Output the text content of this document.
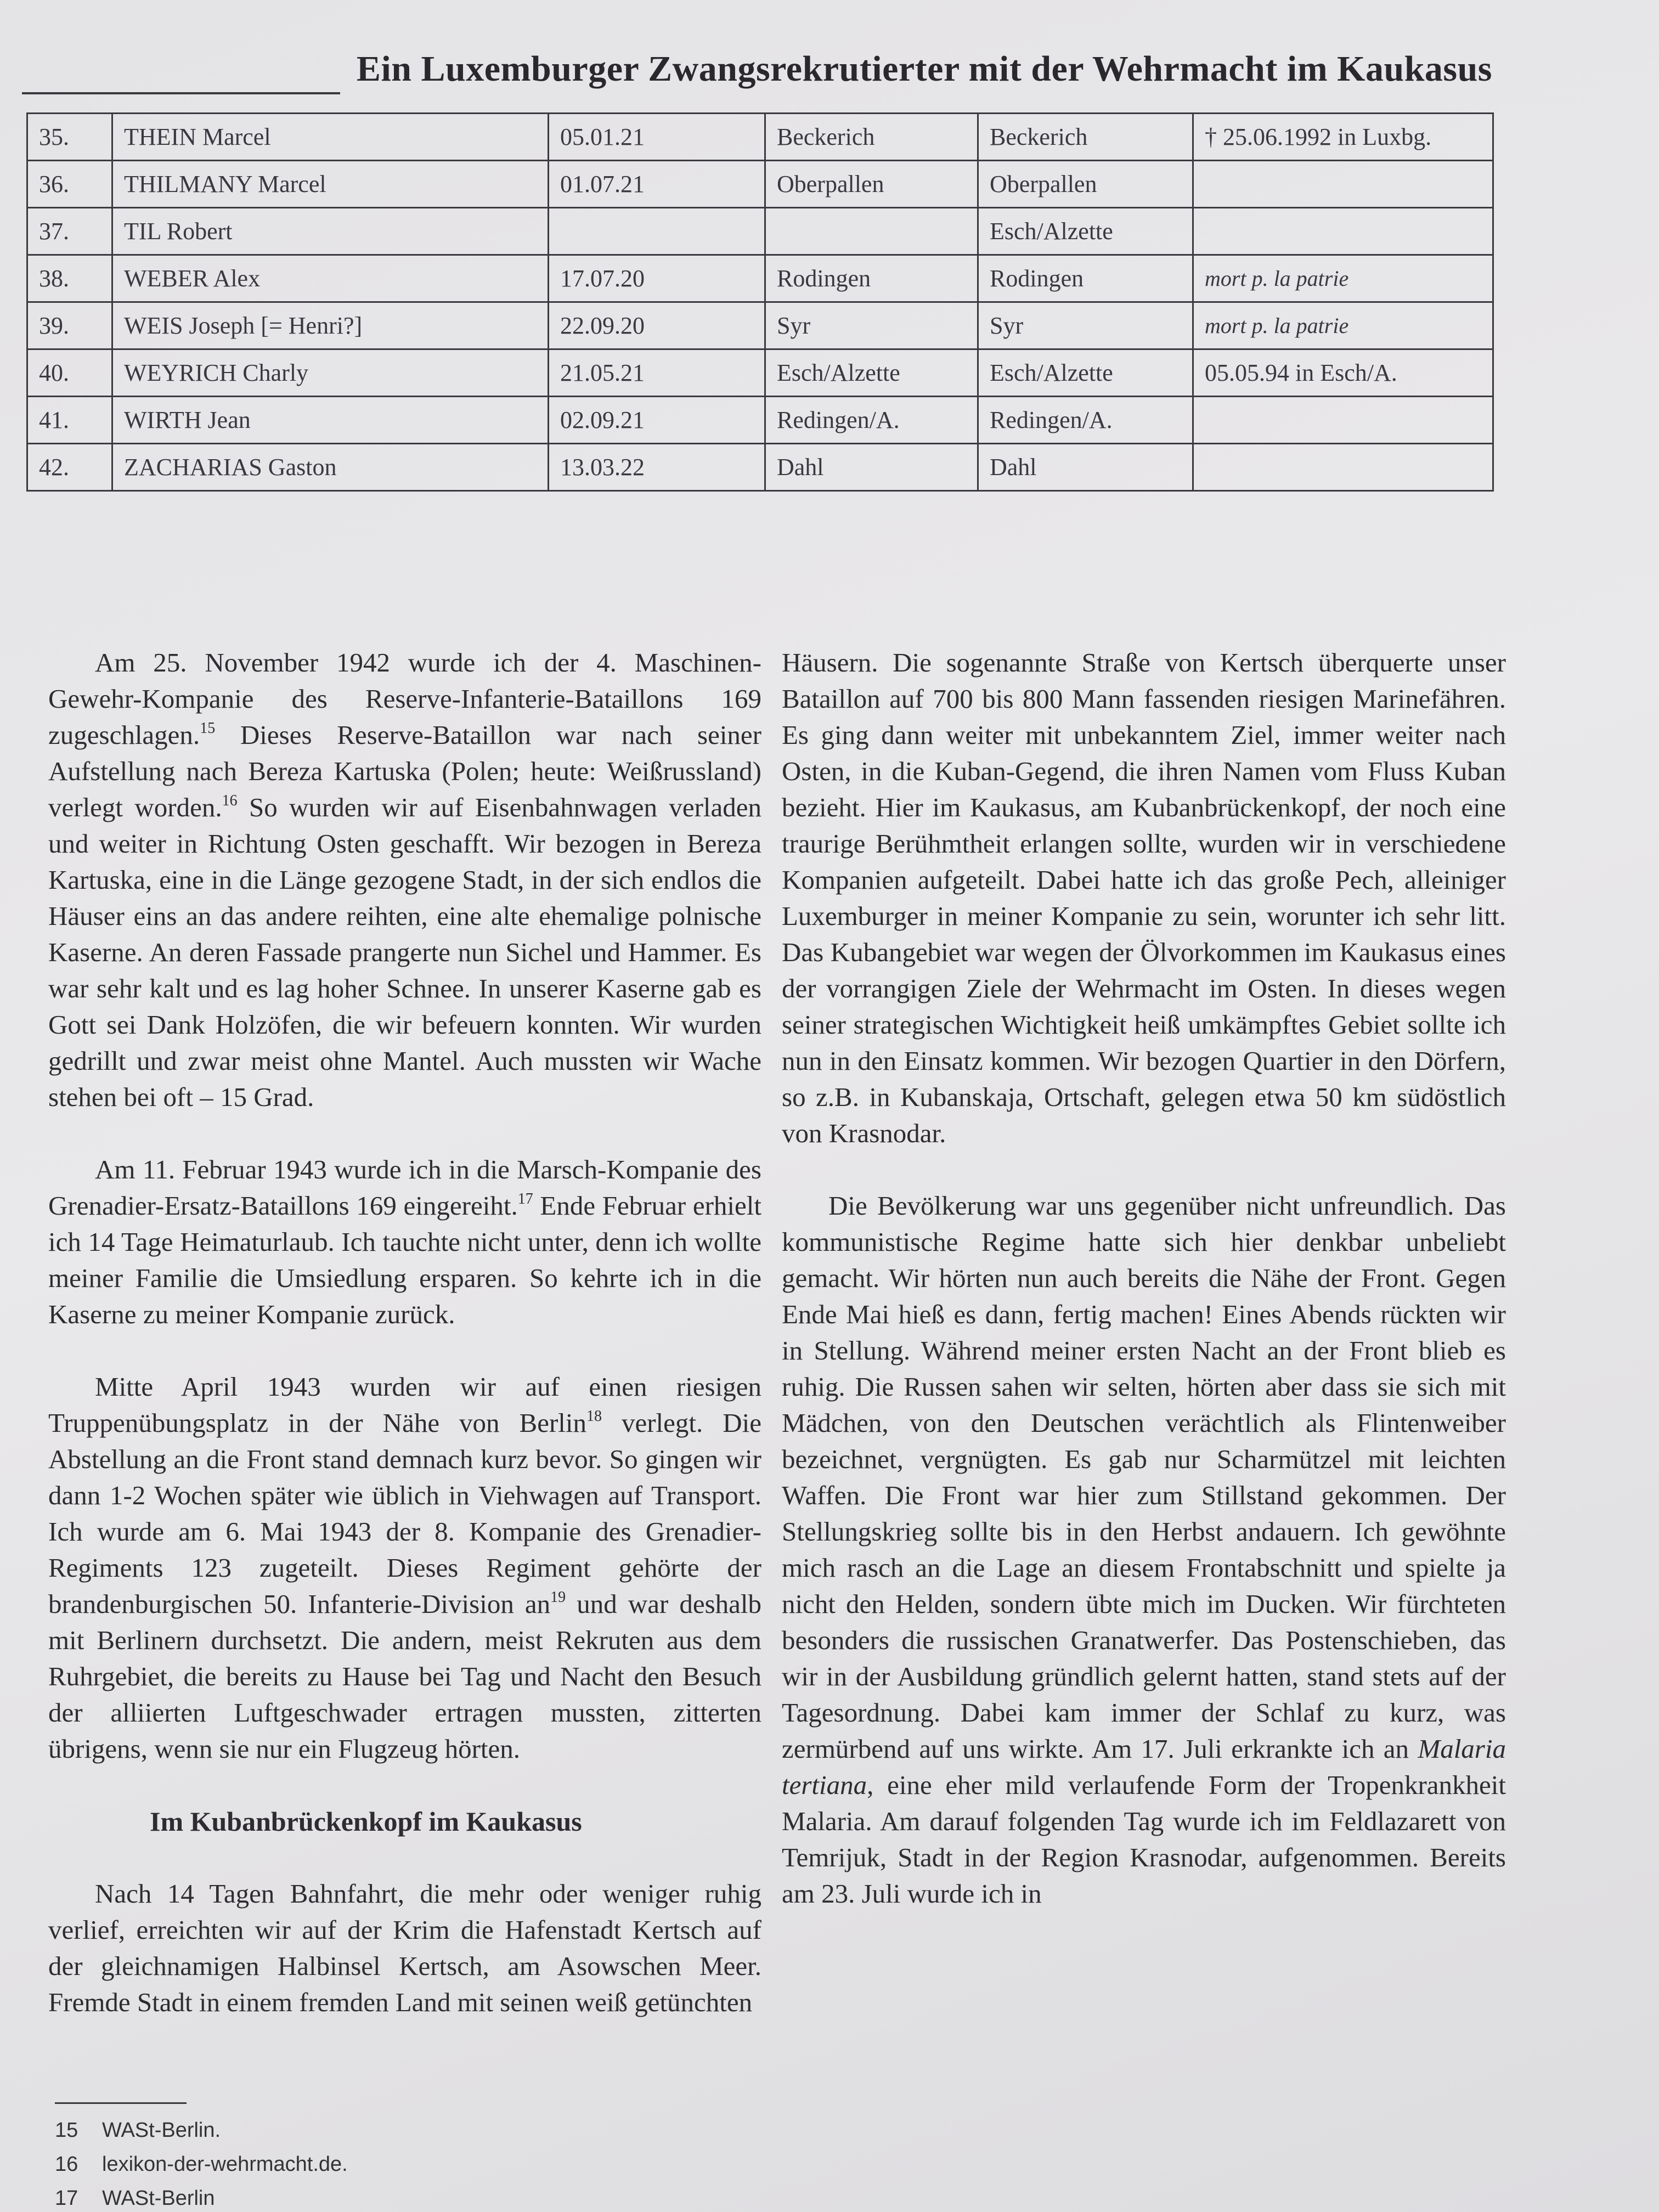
Ein Luxemburger Zwangsrekrutierter mit der Wehrmacht im Kaukasus
35.	THEIN Marcel	05.01.21	Beckerich	Beckerich	† 25.06.1992 in Luxbg.
36.	THILMANY Marcel	01.07.21	Oberpallen	Oberpallen	
37.	TIL Robert			Esch/Alzette	
38.	WEBER Alex	17.07.20	Rodingen	Rodingen	mort p. la patrie
39.	WEIS Joseph [= Henri?]	22.09.20	Syr	Syr	mort p. la patrie
40.	WEYRICH Charly	21.05.21	Esch/Alzette	Esch/Alzette	05.05.94 in Esch/A.
41.	WIRTH Jean	02.09.21	Redingen/A.	Redingen/A.	
42.	ZACHARIAS Gaston	13.03.22	Dahl	Dahl	

Am 25. November 1942 wurde ich der 4. Maschinen-Gewehr-Kompanie des Reserve-Infanterie-Bataillons 169 zugeschlagen.$^{15}$ Dieses Reserve-Bataillon war nach seiner Aufstellung nach Bereza Kartuska (Polen; heute: Weißrussland) verlegt worden.$^{16}$ So wurden wir auf Eisenbahnwagen verladen und weiter in Richtung Osten geschafft. Wir bezogen in Bereza Kartuska, eine in die Länge gezogene Stadt, in der sich endlos die Häuser eins an das andere reihten, eine alte ehemalige polnische Kaserne. An deren Fassade prangerte nun Sichel und Hammer. Es war sehr kalt und es lag hoher Schnee. In unserer Kaserne gab es Gott sei Dank Holzöfen, die wir befeuern konnten. Wir wurden gedrillt und zwar meist ohne Mantel. Auch mussten wir Wache stehen bei oft – 15 Grad.

Am 11. Februar 1943 wurde ich in die Marsch-Kompanie des Grenadier-Ersatz-Bataillons 169 eingereiht.$^{17}$ Ende Februar erhielt ich 14 Tage Heimaturlaub. Ich tauchte nicht unter, denn ich wollte meiner Familie die Umsiedlung ersparen. So kehrte ich in die Kaserne zu meiner Kompanie zurück.

Mitte April 1943 wurden wir auf einen riesigen Truppenübungsplatz in der Nähe von Berlin$^{18}$ verlegt. Die Abstellung an die Front stand demnach kurz bevor. So gingen wir dann 1-2 Wochen später wie üblich in Viehwagen auf Transport. Ich wurde am 6. Mai 1943 der 8. Kompanie des Grenadier-Regiments 123 zugeteilt. Dieses Regiment gehörte der brandenburgischen 50. Infanterie-Division $an^{19}$ und war deshalb mit Berlinern durchsetzt. Die andern, meist Rekruten aus dem Ruhrgebiet, die bereits zu Hause bei Tag und Nacht den Besuch der alliierten Luftgeschwader ertragen mussten, zitterten übrigens, wenn sie nur ein Flugzeug hörten.

Im Kubanbrückenkopf im Kaukasus

Nach 14 Tagen Bahnfahrt, die mehr oder weniger ruhig verlief, erreichten wir auf der Krim die Hafenstadt Kertsch auf der gleichnamigen Halbinsel Kertsch, am Asowschen Meer. Fremde Stadt in einem fremden Land mit seinen weiß getünchten

Häusern. Die sogenannte Straße von Kertsch überquerte unser Bataillon auf 700 bis 800 Mann fassenden riesigen Marinefähren. Es ging dann weiter mit unbekanntem Ziel, immer weiter nach Osten, in die Kuban-Gegend, die ihren Namen vom Fluss Kuban bezieht. Hier im Kaukasus, am Kubanbrückenkopf, der noch eine traurige Berühmtheit erlangen sollte, wurden wir in verschiedene Kompanien aufgeteilt. Dabei hatte ich das große Pech, alleiniger Luxemburger in meiner Kompanie zu sein, worunter ich sehr litt. Das Kubangebiet war wegen der Ölvorkommen im Kaukasus eines der vorrangigen Ziele der Wehrmacht im Osten. In dieses wegen seiner strategischen Wichtigkeit heiß umkämpftes Gebiet sollte ich nun in den Einsatz kommen. Wir bezogen Quartier in den Dörfern, so z.B. in Kubanskaja, Ortschaft, gelegen etwa 50 km südöstlich von Krasnodar.

Die Bevölkerung war uns gegenüber nicht unfreundlich. Das kommunistische Regime hatte sich hier denkbar unbeliebt gemacht. Wir hörten nun auch bereits die Nähe der Front. Gegen Ende Mai hieß es dann, fertig machen! Eines Abends rückten wir in Stellung. Während meiner ersten Nacht an der Front blieb es ruhig. Die Russen sahen wir selten, hörten aber dass sie sich mit Mädchen, von den Deutschen verächtlich als Flintenweiber bezeichnet, vergnügten. Es gab nur Scharmützel mit leichten Waffen. Die Front war hier zum Stillstand gekommen. Der Stellungskrieg sollte bis in den Herbst andauern. Ich gewöhnte mich rasch an die Lage an diesem Frontabschnitt und spielte ja nicht den Helden, sondern übte mich im Ducken. Wir fürchteten besonders die russischen Granatwerfer. Das Postenschieben, das wir in der Ausbildung gründlich gelernt hatten, stand stets auf der Tagesordnung. Dabei kam immer der Schlaf zu kurz, was zermürbend auf uns wirkte. Am 17. Juli erkrankte ich an Malaria tertiana, eine eher mild verlaufende Form der Tropenkrankheit Malaria. Am darauf folgenden Tag wurde ich im Feldlazarett von Temrijuk, Stadt in der Region Krasnodar, aufgenommen. Bereits am 23. Juli wurde ich in

15 WASt-Berlin.
16 lexikon-der-wehrmacht.de.
17 WASt-Berlin
